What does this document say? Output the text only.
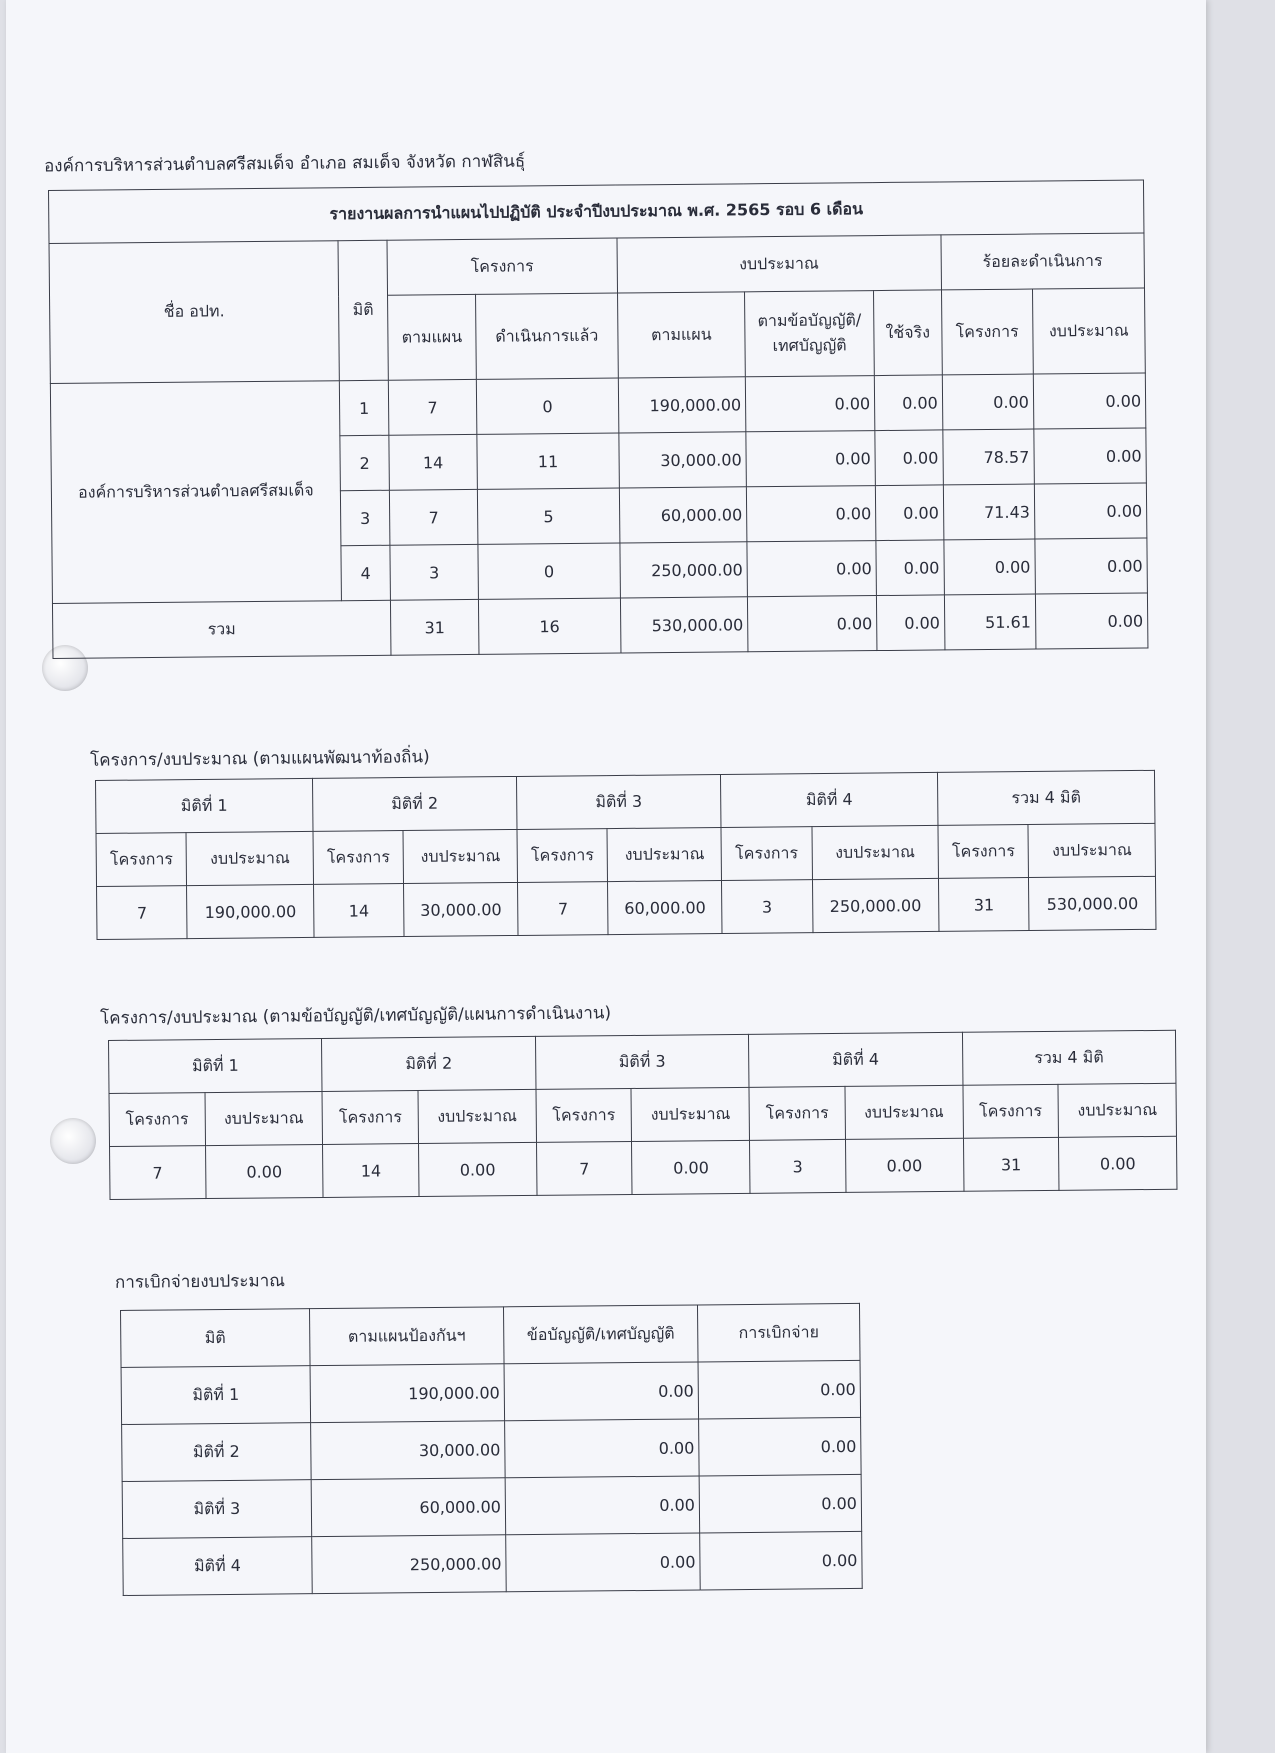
องค์การบริหารส่วนตำบลศรีสมเด็จ อำเภอ สมเด็จ จังหวัด กาฬสินธุ์
รายงานผลการนำแผนไปปฏิบัติ ประจำปีงบประมาณ พ.ศ. 2565 รอบ 6 เดือน								
ชื่อ อปท.	มิติ	โครงการ		งบประมาณ			ร้อยละดำเนินการ	
		ตามแผน	ดำเนินการแล้ว	ตามแผน	ตามข้อบัญญัติ/เทศบัญญัติ	ใช้จริง	โครงการ	งบประมาณ
องค์การบริหารส่วนตำบลศรีสมเด็จ	1	7	0	190,000.00	0.00	0.00	0.00	0.00
	2	14	11	30,000.00	0.00	0.00	78.57	0.00
	3	7	5	60,000.00	0.00	0.00	71.43	0.00
	4	3	0	250,000.00	0.00	0.00	0.00	0.00
รวม		31	16	530,000.00	0.00	0.00	51.61	0.00
โครงการ/งบประมาณ (ตามแผนพัฒนาท้องถิ่น)
มิติที่ 1		มิติที่ 2		มิติที่ 3		มิติที่ 4		รวม 4 มิติ	
โครงการ	งบประมาณ	โครงการ	งบประมาณ	โครงการ	งบประมาณ	โครงการ	งบประมาณ	โครงการ	งบประมาณ
7	190,000.00	14	30,000.00	7	60,000.00	3	250,000.00	31	530,000.00
โครงการ/งบประมาณ (ตามข้อบัญญัติ/เทศบัญญัติ/แผนการดำเนินงาน)
มิติที่ 1		มิติที่ 2		มิติที่ 3		มิติที่ 4		รวม 4 มิติ	
โครงการ	งบประมาณ	โครงการ	งบประมาณ	โครงการ	งบประมาณ	โครงการ	งบประมาณ	โครงการ	งบประมาณ
7	0.00	14	0.00	7	0.00	3	0.00	31	0.00
การเบิกจ่ายงบประมาณ
มิติ	ตามแผนป้องกันฯ	ข้อบัญญัติ/เทศบัญญัติ	การเบิกจ่าย
มิติที่ 1	190,000.00	0.00	0.00
มิติที่ 2	30,000.00	0.00	0.00
มิติที่ 3	60,000.00	0.00	0.00
มิติที่ 4	250,000.00	0.00	0.00
